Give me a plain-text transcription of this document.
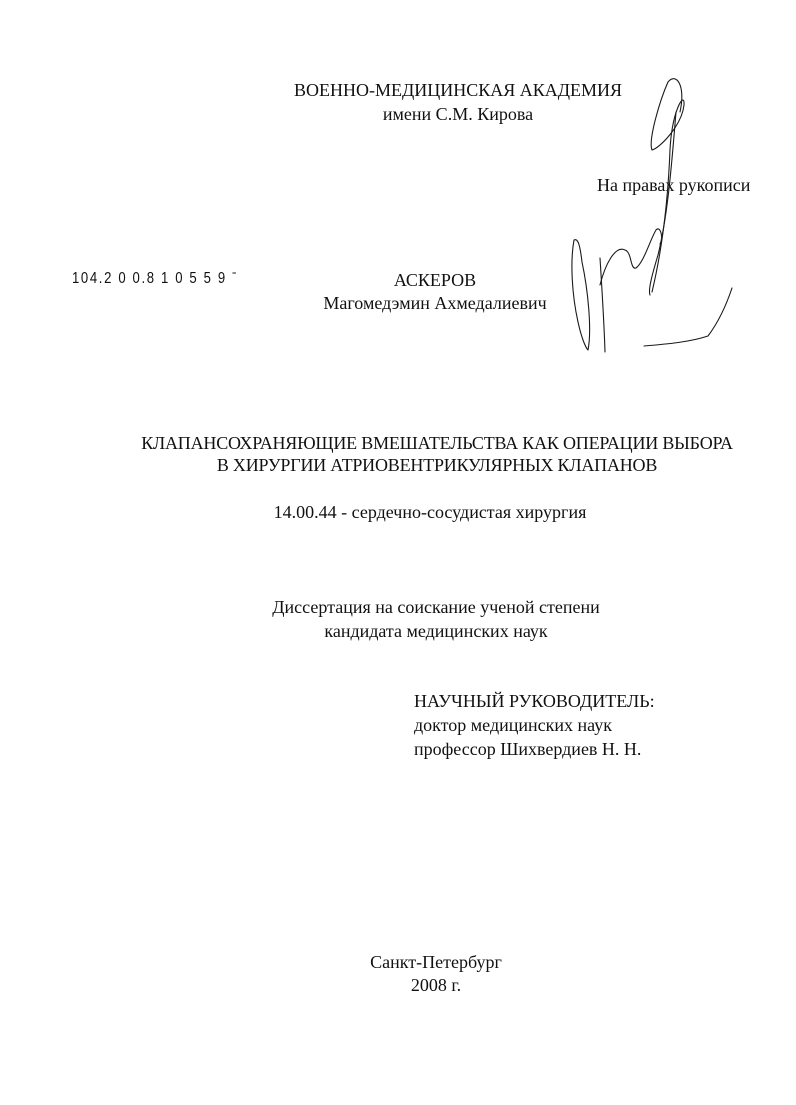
ВОЕННО-МЕДИЦИНСКАЯ АКАДЕМИЯ
имени С.М. Кирова
На правах рукописи
104.2 0 0.8 1 0 5 5 9 ˉ	АСКЕРОВ
Магомедэмин Ахмедалиевич
КЛАПАНСОХРАНЯЮЩИЕ ВМЕШАТЕЛЬСТВА КАК ОПЕРАЦИИ ВЫБОРА
В ХИРУРГИИ АТРИОВЕНТРИКУЛЯРНЫХ КЛАПАНОВ
14.00.44 - сердечно-сосудистая хирургия
Диссертация на соискание ученой степени
кандидата медицинских наук
НАУЧНЫЙ РУКОВОДИТЕЛЬ:
доктор медицинских наук
профессор Шихвердиев Н. Н.
Санкт-Петербург
2008 г.
